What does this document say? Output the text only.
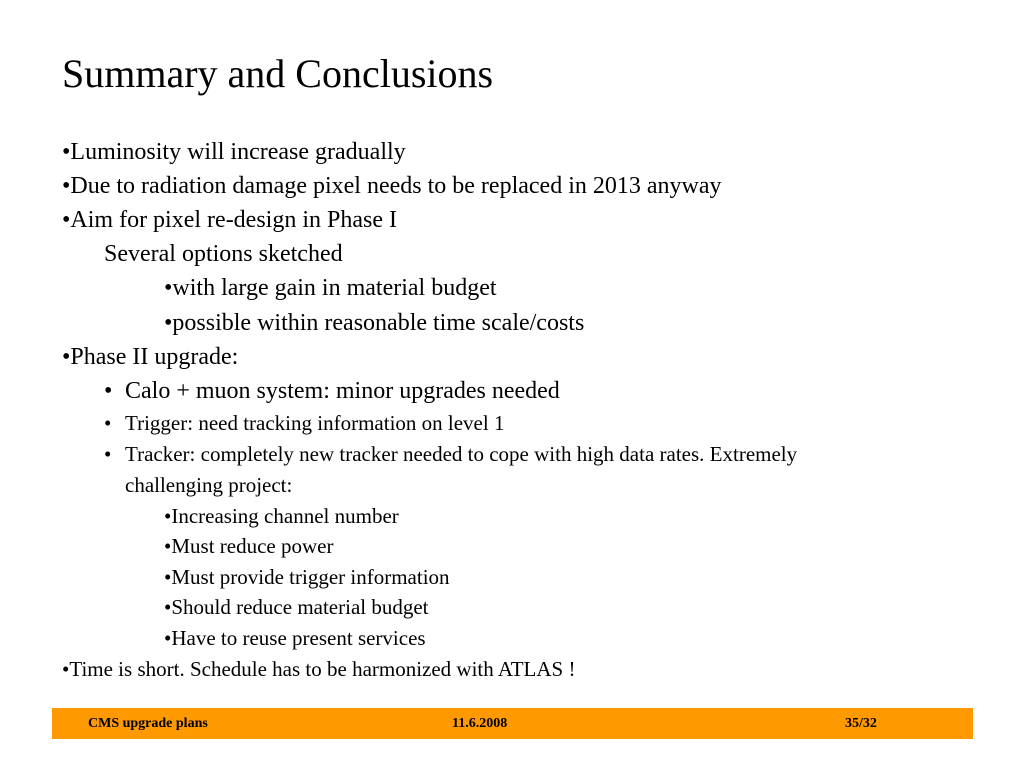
Summary and Conclusions
•Luminosity will increase gradually
•Due to radiation damage pixel needs to be replaced in 2013 anyway
•Aim for pixel re-design in Phase I
Several options sketched
•with large gain in material budget
•possible within reasonable time scale/costs
•Phase II upgrade:
• Calo + muon system: minor upgrades needed
• Trigger: need tracking information on level 1
• Tracker: completely new tracker needed to cope with high data rates. Extremely
challenging project:
•Increasing channel number
•Must reduce power
•Must provide trigger information
•Should reduce material budget
•Have to reuse present services
•Time is short. Schedule has to be harmonized with ATLAS !
CMS upgrade plans	11.6.2008	35/32
